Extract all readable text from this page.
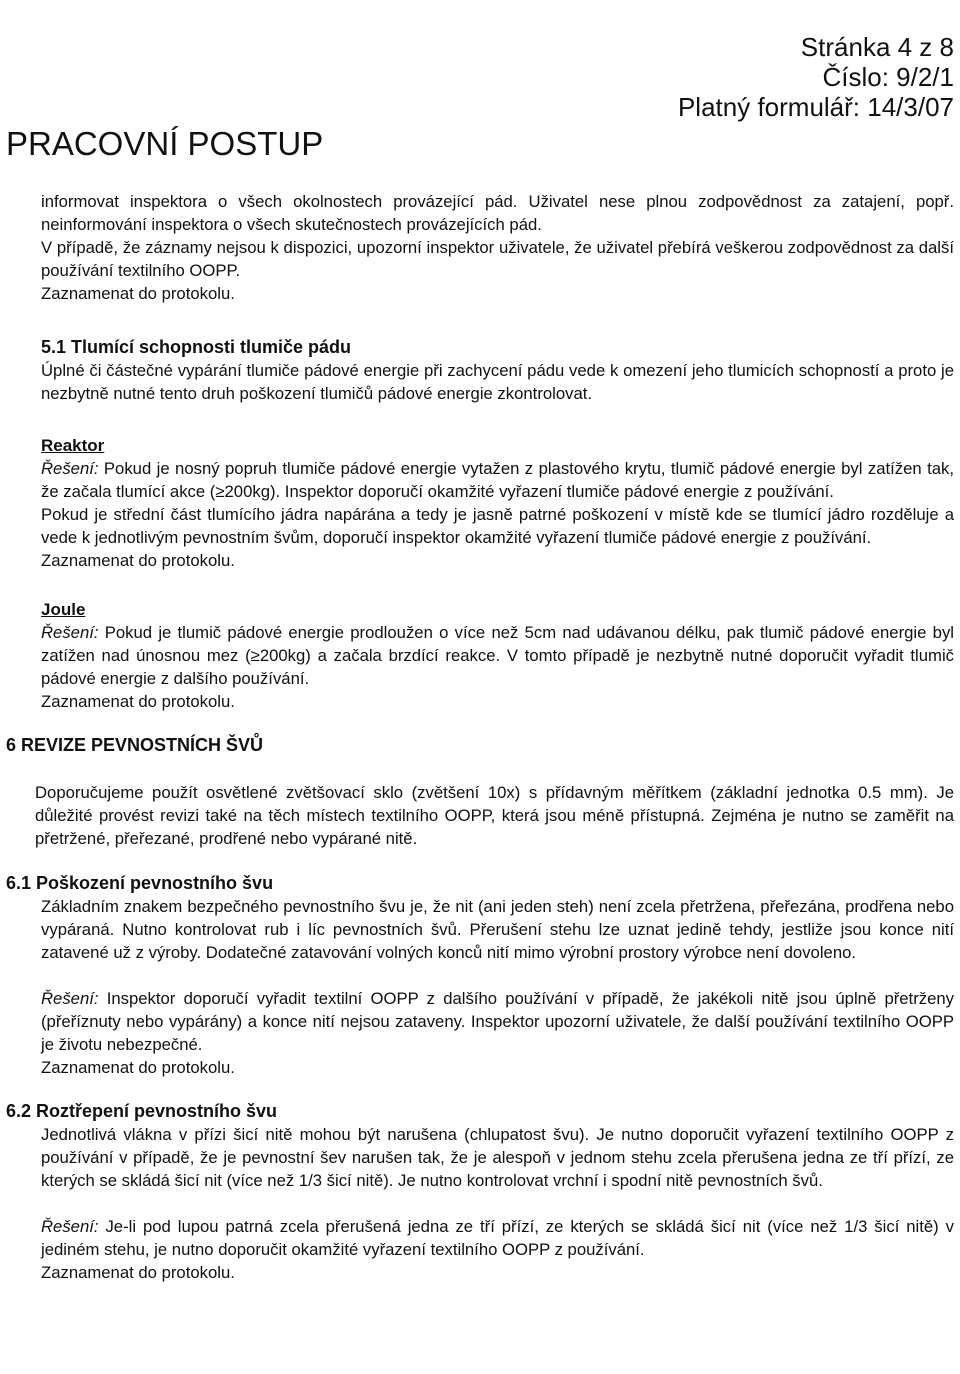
PRACOVNÍ POSTUP
Stránka 4 z 8
Číslo: 9/2/1
Platný formulář: 14/3/07

informovat inspektora o všech okolnostech provázející pád. Uživatel nese plnou zodpovědnost za zatajení, popř. neinformování inspektora o všech skutečnostech provázejících pád.

V případě, že záznamy nejsou k dispozici, upozorní inspektor uživatele, že uživatel přebírá veškerou zodpovědnost za další používání textilního OOPP.

Zaznamenat do protokolu.

5.1 Tlumící schopnosti tlumiče pádu

Úplné či částečné vypárání tlumiče pádové energie při zachycení pádu vede k omezení jeho tlumicích schopností a proto je nezbytně nutné tento druh poškození tlumičů pádové energie zkontrolovat.

Reaktor

Řešení: Pokud je nosný popruh tlumiče pádové energie vytažen z plastového krytu, tlumič pádové energie byl zatížen tak, že začala tlumící akce (≥200kg). Inspektor doporučí okamžité vyřazení tlumiče pádové energie z používání.

Pokud je střední část tlumícího jádra napárána a tedy je jasně patrné poškození v místě kde se tlumící jádro rozděluje a vede k jednotlivým pevnostním švům, doporučí inspektor okamžité vyřazení tlumiče pádové energie z používání.

Zaznamenat do protokolu.

Joule

Řešení: Pokud je tlumič pádové energie prodloužen o více než 5cm nad udávanou délku, pak tlumič pádové energie byl zatížen nad únosnou mez (≥200kg) a začala brzdící reakce. V tomto případě je nezbytně nutné doporučit vyřadit tlumič pádové energie z dalšího používání.

Zaznamenat do protokolu.

6 REVIZE PEVNOSTNÍCH ŠVŮ

Doporučujeme použít osvětlené zvětšovací sklo (zvětšení 10x) s přídavným měřítkem (základní jednotka 0.5 mm). Je důležité provést revizi také na těch místech textilního OOPP, která jsou méně přístupná. Zejména je nutno se zaměřit na přetržené, přeřezané, prodřené nebo vypárané nitě.

6.1 Poškození pevnostního švu

Základním znakem bezpečného pevnostního švu je, že nit (ani jeden steh) není zcela přetržena, přeřezána, prodřena nebo vypáraná. Nutno kontrolovat rub i líc pevnostních švů. Přerušení stehu lze uznat jedině tehdy, jestliže jsou konce nití zatavené už z výroby. Dodatečné zatavování volných konců nití mimo výrobní prostory výrobce není dovoleno.

Řešení: Inspektor doporučí vyřadit textilní OOPP z dalšího používání v případě, že jakékoli nitě jsou úplně přetrženy (přeříznuty nebo vypárány) a konce nití nejsou zataveny. Inspektor upozorní uživatele, že další používání textilního OOPP je životu nebezpečné.

Zaznamenat do protokolu.

6.2 Roztřepení pevnostního švu

Jednotlivá vlákna v přízi šicí nitě mohou být narušena (chlupatost švu). Je nutno doporučit vyřazení textilního OOPP z používání v případě, že je pevnostní šev narušen tak, že je alespoň v jednom stehu zcela přerušena jedna ze tří přízí, ze kterých se skládá šicí nit (více než 1/3 šicí nitě). Je nutno kontrolovat vrchní i spodní nitě pevnostních švů.

Řešení: Je-li pod lupou patrná zcela přerušená jedna ze tří přízí, ze kterých se skládá šicí nit (více než 1/3 šicí nitě) v jediném stehu, je nutno doporučit okamžité vyřazení textilního OOPP z používání.

Zaznamenat do protokolu.
